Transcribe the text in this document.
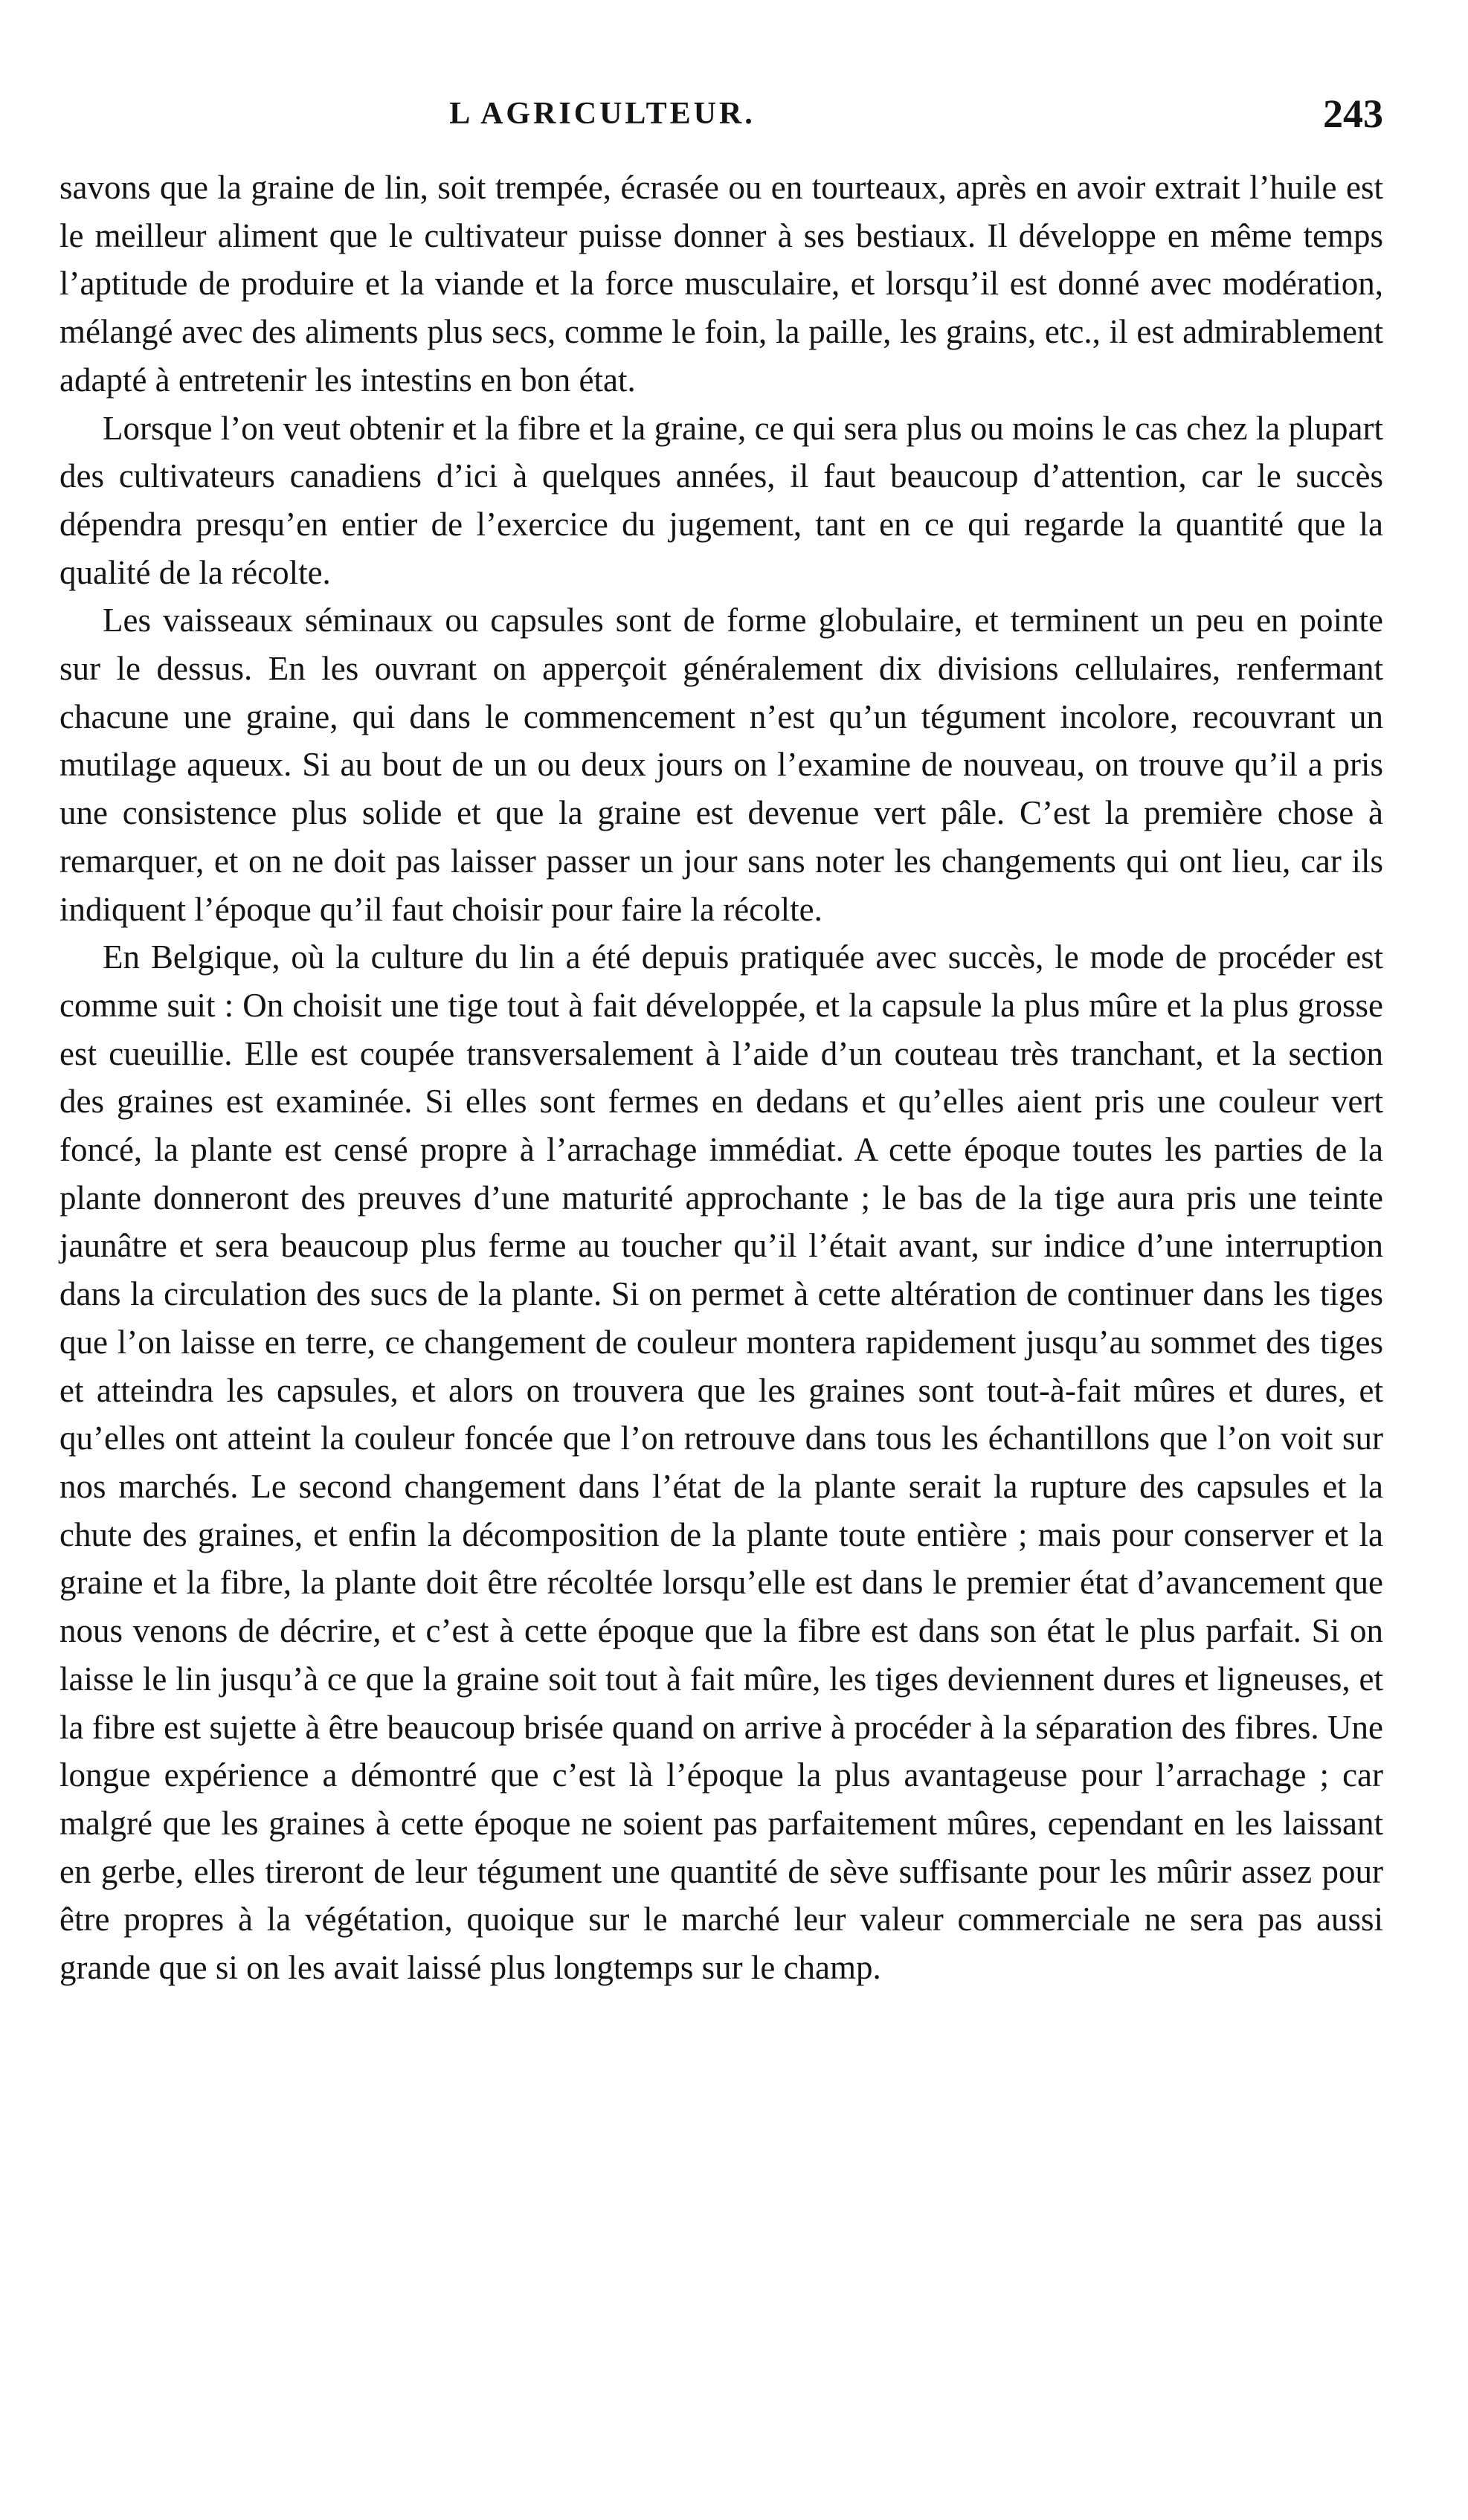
L AGRICULTEUR.	243

savons que la graine de lin, soit trempée, écrasée ou en tourteaux, après en avoir extrait l’huile est le meilleur aliment que le cultivateur puisse donner à ses bestiaux. Il développe en même temps l’aptitude de produire et la viande et la force musculaire, et lorsqu’il est donné avec modération, mélangé avec des aliments plus secs, comme le foin, la paille, les grains, etc., il est admirablement adapté à entretenir les intestins en bon état.

Lorsque l’on veut obtenir et la fibre et la graine, ce qui sera plus ou moins le cas chez la plupart des cultivateurs canadiens d’ici à quelques années, il faut beaucoup d’attention, car le succès dépendra presqu’en entier de l’exercice du jugement, tant en ce qui regarde la quantité que la qualité de la récolte.

Les vaisseaux séminaux ou capsules sont de forme globulaire, et terminent un peu en pointe sur le dessus. En les ouvrant on apperçoit généralement dix divisions cellulaires, renfermant chacune une graine, qui dans le commencement n’est qu’un tégument incolore, recouvrant un mutilage aqueux. Si au bout de un ou deux jours on l’examine de nouveau, on trouve qu’il a pris une consistence plus solide et que la graine est devenue vert pâle. C’est la première chose à remarquer, et on ne doit pas laisser passer un jour sans noter les changements qui ont lieu, car ils indiquent l’époque qu’il faut choisir pour faire la récolte.

En Belgique, où la culture du lin a été depuis pratiquée avec succès, le mode de procéder est comme suit : On choisit une tige tout à fait développée, et la capsule la plus mûre et la plus grosse est cueuillie. Elle est coupée transversalement à l’aide d’un couteau très tranchant, et la section des graines est examinée. Si elles sont fermes en dedans et qu’elles aient pris une couleur vert foncé, la plante est censé propre à l’arrachage immédiat. A cette époque toutes les parties de la plante donneront des preuves d’une maturité approchante ; le bas de la tige aura pris une teinte jaunâtre et sera beaucoup plus ferme au toucher qu’il l’était avant, sur indice d’une interruption dans la circulation des sucs de la plante. Si on permet à cette altération de continuer dans les tiges que l’on laisse en terre, ce changement de couleur montera rapidement jusqu’au sommet des tiges et atteindra les capsules, et alors on trouvera que les graines sont tout-à-fait mûres et dures, et qu’elles ont atteint la couleur foncée que l’on retrouve dans tous les échantillons que l’on voit sur nos marchés. Le second changement dans l’état de la plante serait la rupture des capsules et la chute des graines, et enfin la décomposition de la plante toute entière ; mais pour conserver et la graine et la fibre, la plante doit être récoltée lorsqu’elle est dans le premier état d’avancement que nous venons de décrire, et c’est à cette époque que la fibre est dans son état le plus parfait. Si on laisse le lin jusqu’à ce que la graine soit tout à fait mûre, les tiges deviennent dures et ligneuses, et la fibre est sujette à être beaucoup brisée quand on arrive à procéder à la séparation des fibres. Une longue expérience a démontré que c’est là l’époque la plus avantageuse pour l’arrachage ; car malgré que les graines à cette époque ne soient pas parfaitement mûres, cependant en les laissant en gerbe, elles tireront de leur tégument une quantité de sève suffisante pour les mûrir assez pour être propres à la végétation, quoique sur le marché leur valeur commerciale ne sera pas aussi grande que si on les avait laissé plus longtemps sur le champ.
